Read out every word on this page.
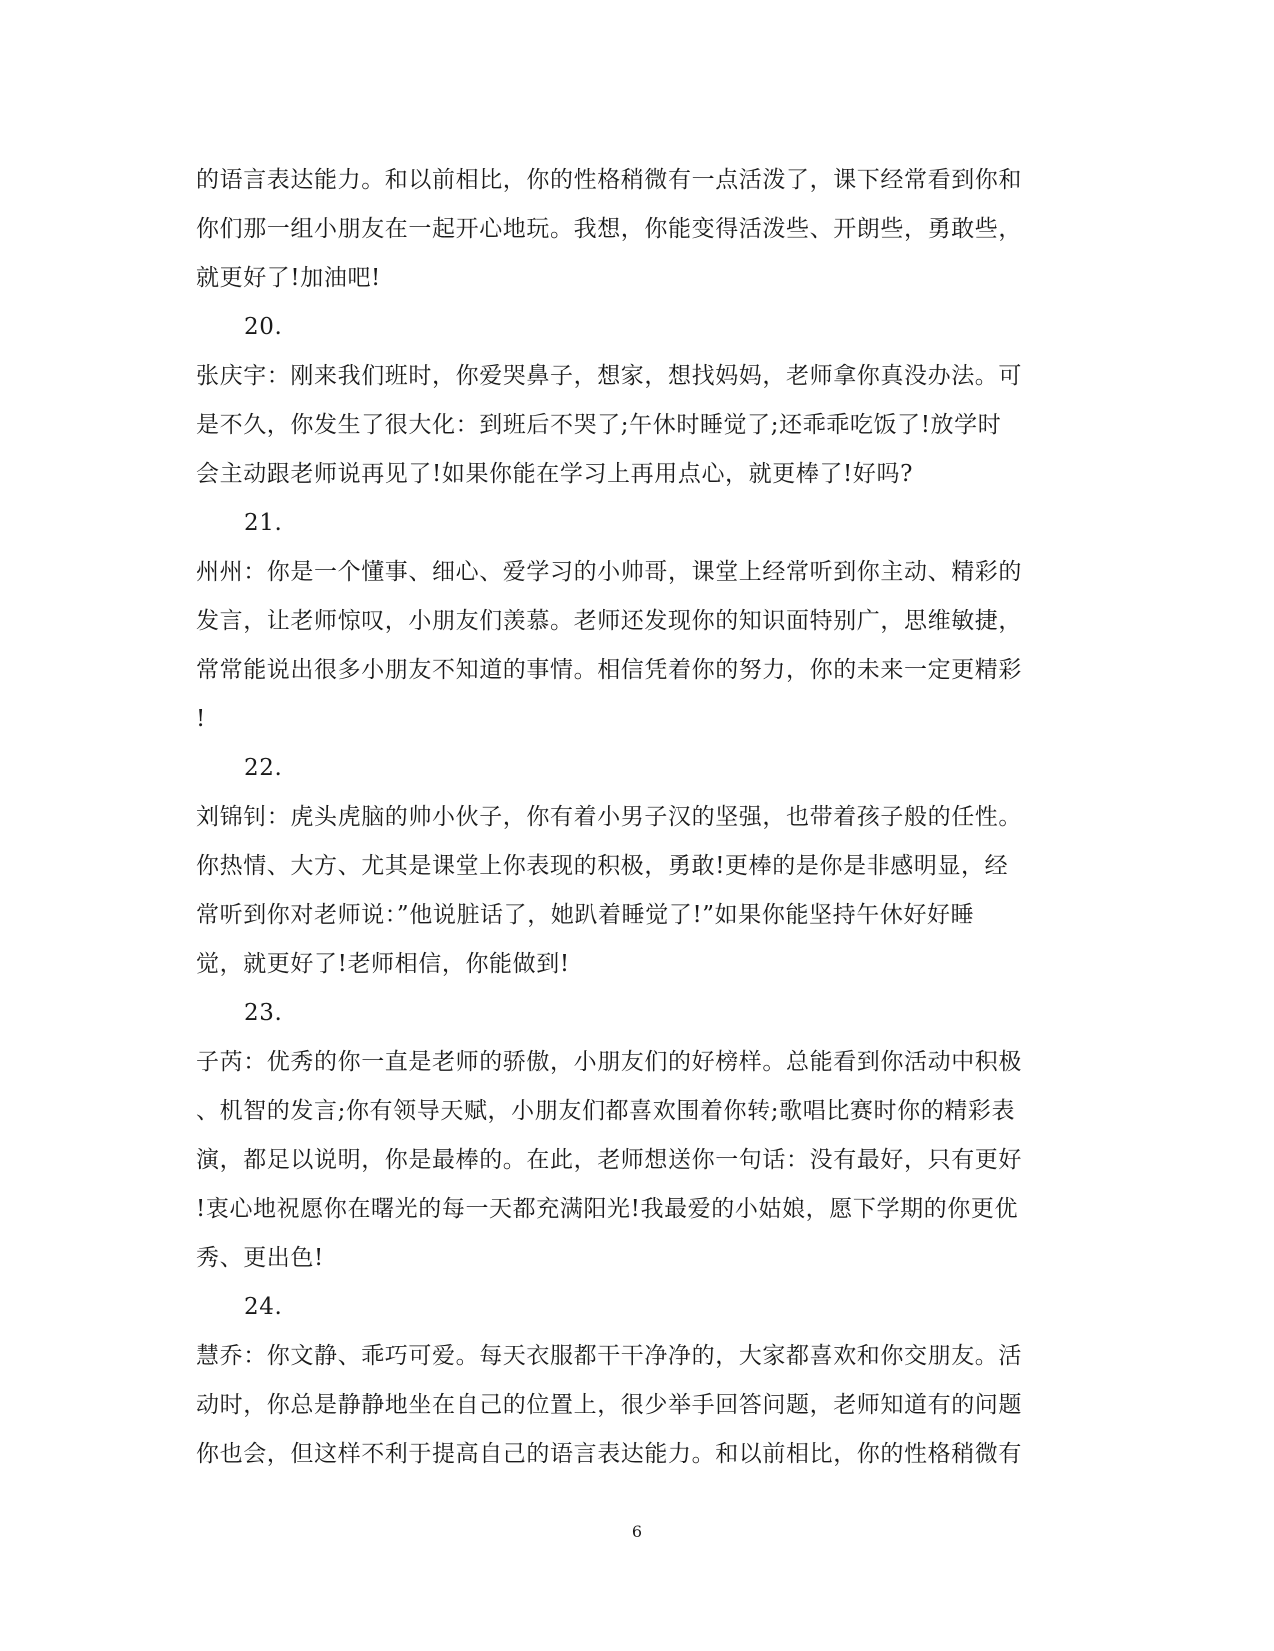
的语言表达能力。和以前相比，你的性格稍微有一点活泼了，课下经常看到你和
你们那一组小朋友在一起开心地玩。我想，你能变得活泼些、开朗些，勇敢些，
就更好了!加油吧!
20.
张庆宇：刚来我们班时，你爱哭鼻子，想家，想找妈妈，老师拿你真没办法。可
是不久，你发生了很大化：到班后不哭了;午休时睡觉了;还乖乖吃饭了!放学时
会主动跟老师说再见了!如果你能在学习上再用点心，就更棒了!好吗?
21.
州州：你是一个懂事、细心、爱学习的小帅哥，课堂上经常听到你主动、精彩的
发言，让老师惊叹，小朋友们羡慕。老师还发现你的知识面特别广，思维敏捷，
常常能说出很多小朋友不知道的事情。相信凭着你的努力，你的未来一定更精彩
!
22.
刘锦钊：虎头虎脑的帅小伙子，你有着小男子汉的坚强，也带着孩子般的任性。
你热情、大方、尤其是课堂上你表现的积极，勇敢!更棒的是你是非感明显，经
常听到你对老师说：”他说脏话了，她趴着睡觉了!”如果你能坚持午休好好睡
觉，就更好了!老师相信，你能做到!
23.
子芮：优秀的你一直是老师的骄傲，小朋友们的好榜样。总能看到你活动中积极
、机智的发言;你有领导天赋，小朋友们都喜欢围着你转;歌唱比赛时你的精彩表
演，都足以说明，你是最棒的。在此，老师想送你一句话：没有最好，只有更好
!衷心地祝愿你在曙光的每一天都充满阳光!我最爱的小姑娘，愿下学期的你更优
秀、更出色!
24.
慧乔：你文静、乖巧可爱。每天衣服都干干净净的，大家都喜欢和你交朋友。活
动时，你总是静静地坐在自己的位置上，很少举手回答问题，老师知道有的问题
你也会，但这样不利于提高自己的语言表达能力。和以前相比，你的性格稍微有
6
